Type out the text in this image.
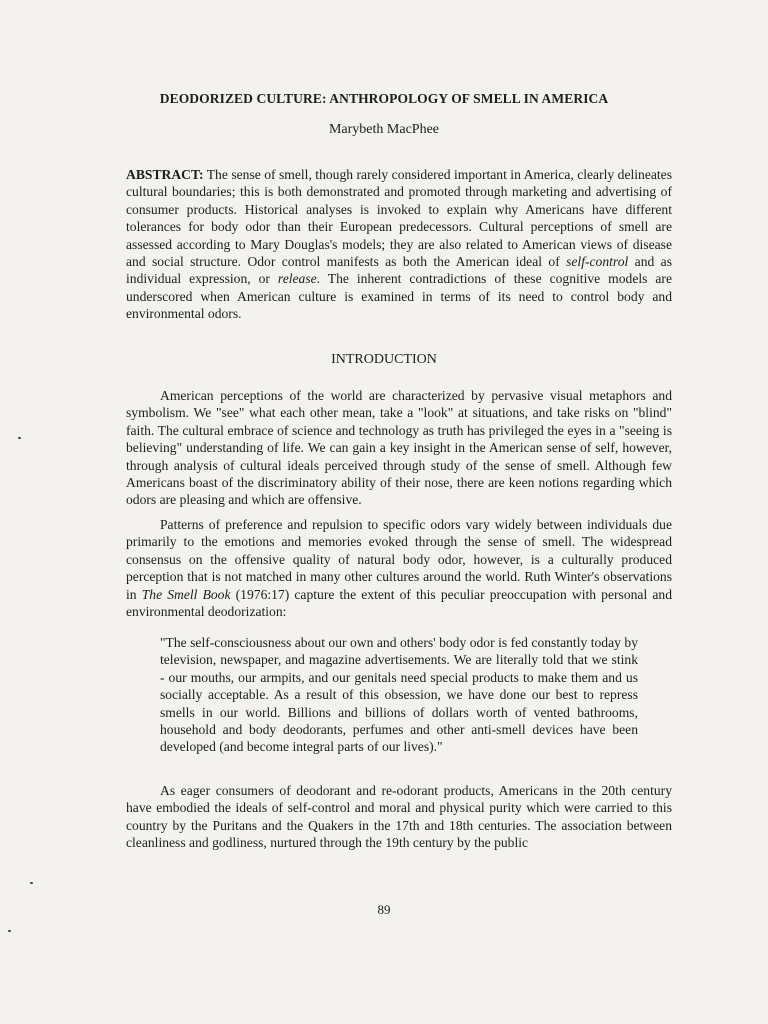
DEODORIZED CULTURE: ANTHROPOLOGY OF SMELL IN AMERICA
Marybeth MacPhee
ABSTRACT: The sense of smell, though rarely considered important in America, clearly delineates cultural boundaries; this is both demonstrated and promoted through marketing and advertising of consumer products. Historical analyses is invoked to explain why Americans have different tolerances for body odor than their European predecessors. Cultural perceptions of smell are assessed according to Mary Douglas's models; they are also related to American views of disease and social structure. Odor control manifests as both the American ideal of self-control and as individual expression, or release. The inherent contradictions of these cognitive models are underscored when American culture is examined in terms of its need to control body and environmental odors.
INTRODUCTION
American perceptions of the world are characterized by pervasive visual metaphors and symbolism. We "see" what each other mean, take a "look" at situations, and take risks on "blind" faith. The cultural embrace of science and technology as truth has privileged the eyes in a "seeing is believing" understanding of life. We can gain a key insight in the American sense of self, however, through analysis of cultural ideals perceived through study of the sense of smell. Although few Americans boast of the discriminatory ability of their nose, there are keen notions regarding which odors are pleasing and which are offensive.
Patterns of preference and repulsion to specific odors vary widely between individuals due primarily to the emotions and memories evoked through the sense of smell. The widespread consensus on the offensive quality of natural body odor, however, is a culturally produced perception that is not matched in many other cultures around the world. Ruth Winter's observations in The Smell Book (1976:17) capture the extent of this peculiar preoccupation with personal and environmental deodorization:
"The self-consciousness about our own and others' body odor is fed constantly today by television, newspaper, and magazine advertisements. We are literally told that we stink - our mouths, our armpits, and our genitals need special products to make them and us socially acceptable. As a result of this obsession, we have done our best to repress smells in our world. Billions and billions of dollars worth of vented bathrooms, household and body deodorants, perfumes and other anti-smell devices have been developed (and become integral parts of our lives)."
As eager consumers of deodorant and re-odorant products, Americans in the 20th century have embodied the ideals of self-control and moral and physical purity which were carried to this country by the Puritans and the Quakers in the 17th and 18th centuries. The association between cleanliness and godliness, nurtured through the 19th century by the public
89
